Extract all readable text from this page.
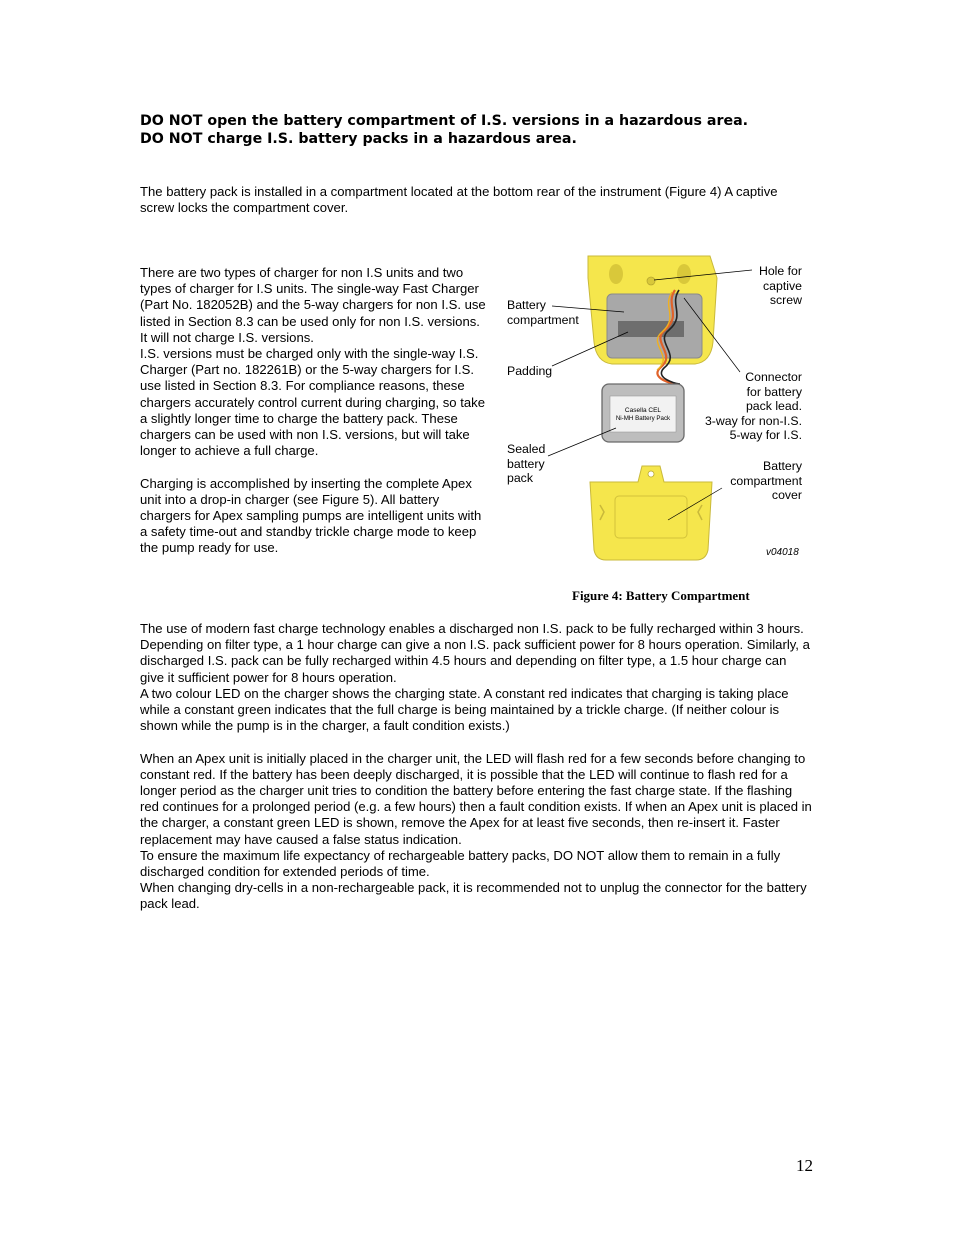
DO NOT open the battery compartment of I.S. versions in a hazardous area.
DO NOT charge I.S. battery packs in a hazardous area.
The battery pack is installed in a compartment located at the bottom rear of the instrument (Figure 4) A captive screw locks the compartment cover.

There are two types of charger for non I.S units and two types of charger for I.S units. The single-way Fast Charger (Part No. 182052B) and the 5-way chargers for non I.S. use listed in Section 8.3 can be used only for non I.S. versions. It will not charge I.S. versions.

I.S. versions must be charged only with the single-way I.S. Charger (Part no. 182261B) or the 5-way chargers for I.S. use listed in Section 8.3. For compliance reasons, these chargers accurately control current during charging, so take a slightly longer time to charge the battery pack. These chargers can be used with non I.S. versions, but will take longer to achieve a full charge.

Charging is accomplished by inserting the complete Apex unit into a drop-in charger (see Figure 5). All battery chargers for Apex sampling pumps are intelligent units with a safety time-out and standby trickle charge mode to keep the pump ready for use.

Casella CEL
Ni-MH Battery Pack
Battery
compartment
Padding
Sealed
battery
pack
Hole for
captive
screw
Connector
for battery
pack lead.
3-way for non-I.S.
5-way for I.S.
Battery
compartment
cover
v04018
Figure 4: Battery Compartment

The use of modern fast charge technology enables a discharged non I.S. pack to be fully recharged within 3 hours. Depending on filter type, a 1 hour charge can give a non I.S. pack sufficient power for 8 hours operation. Similarly, a discharged I.S. pack can be fully recharged within 4.5 hours and depending on filter type, a 1.5 hour charge can give it sufficient power for 8 hours operation.

A two colour LED on the charger shows the charging state. A constant red indicates that charging is taking place while a constant green indicates that the full charge is being maintained by a trickle charge. (If neither colour is shown while the pump is in the charger, a fault condition exists.)

When an Apex unit is initially placed in the charger unit, the LED will flash red for a few seconds before changing to constant red. If the battery has been deeply discharged, it is possible that the LED will continue to flash red for a longer period as the charger unit tries to condition the battery before entering the fast charge state. If the flashing red continues for a prolonged period (e.g. a few hours) then a fault condition exists. If when an Apex unit is placed in the charger, a constant green LED is shown, remove the Apex for at least five seconds, then re-insert it. Faster replacement may have caused a false status indication.

To ensure the maximum life expectancy of rechargeable battery packs, DO NOT allow them to remain in a fully discharged condition for extended periods of time.

When changing dry-cells in a non-rechargeable pack, it is recommended not to unplug the connector for the battery pack lead.

12
